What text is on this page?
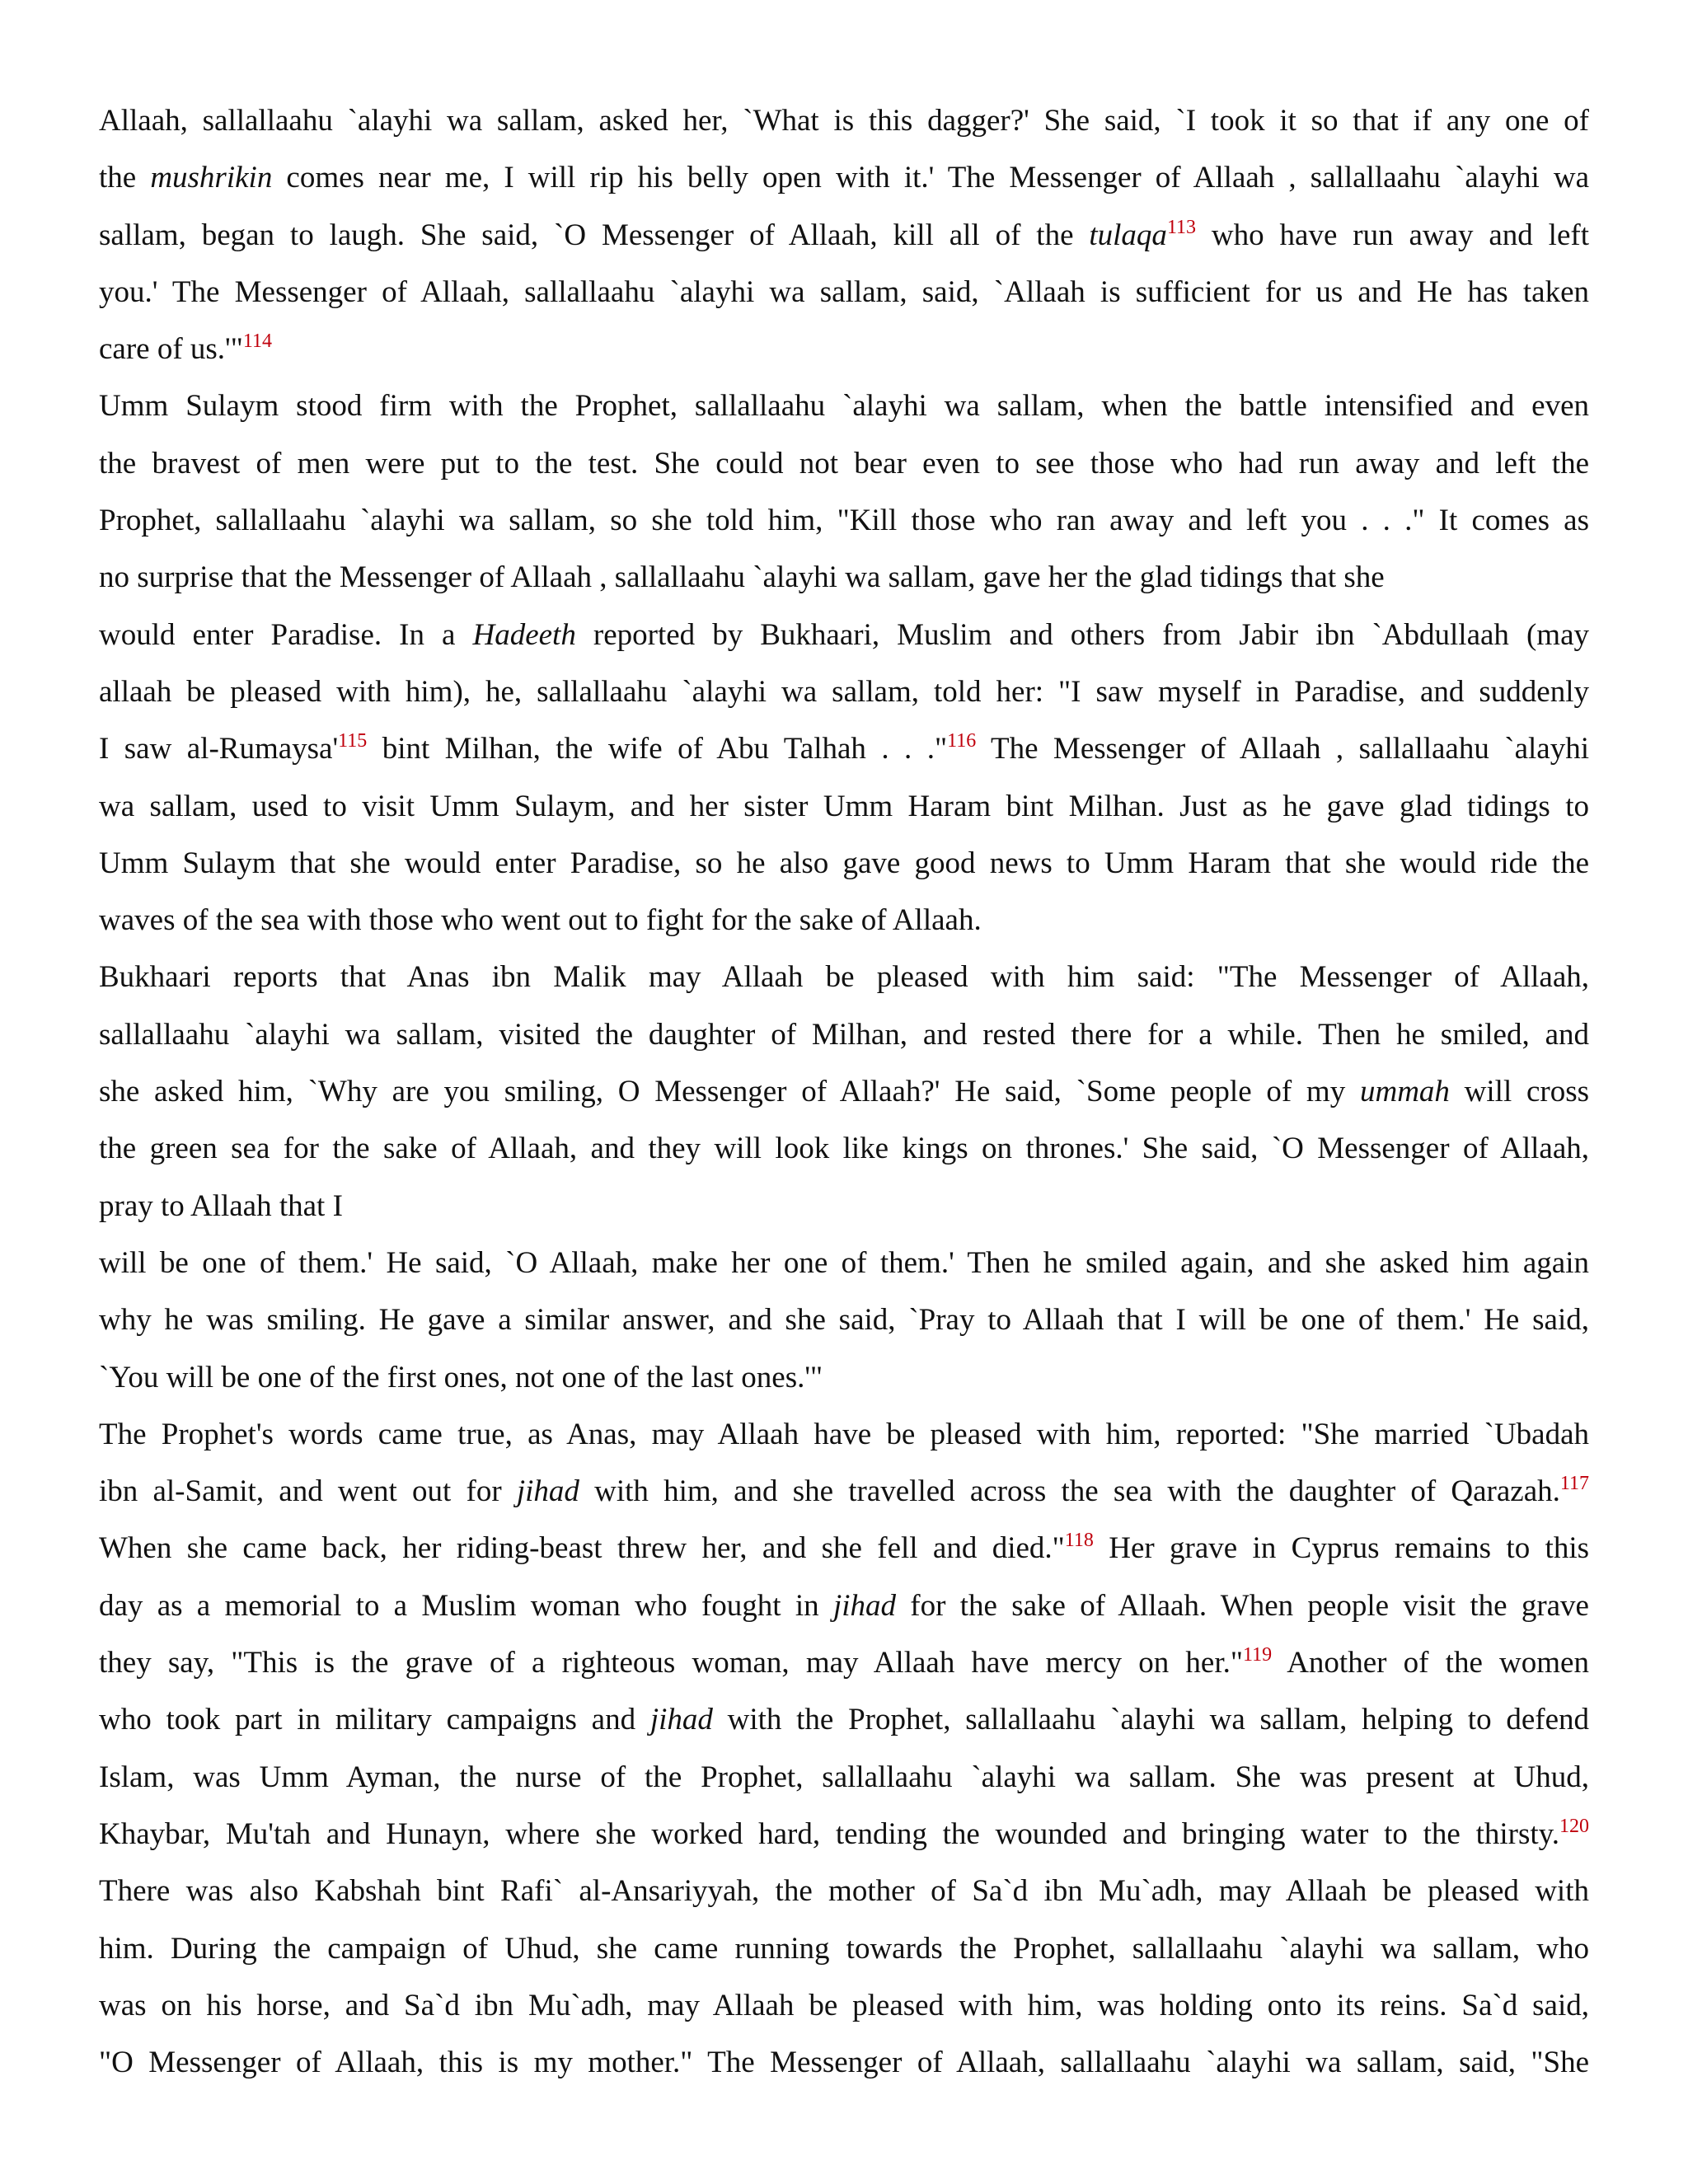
Allaah, sallallaahu `alayhi wa sallam, asked her, `What is this dagger?' She said, `I took it so that if any one of

the mushrikin comes near me, I will rip his belly open with it.' The Messenger of Allaah , sallallaahu `alayhi wa

sallam, began to laugh. She said, `O Messenger of Allaah, kill all of the tulaqa$^{113}$ who have run away and left

you.' The Messenger of Allaah, sallallaahu `alayhi wa sallam, said, `Allaah is sufficient for us and He has taken

care of us.'"$^{114}$

Umm Sulaym stood firm with the Prophet, sallallaahu `alayhi wa sallam, when the battle intensified and even

the bravest of men were put to the test. She could not bear even to see those who had run away and left the

Prophet, sallallaahu `alayhi wa sallam, so she told him, "Kill those who ran away and left you . . ." It comes as

no surprise that the Messenger of Allaah , sallallaahu `alayhi wa sallam, gave her the glad tidings that she

would enter Paradise. In a Hadeeth reported by Bukhaari, Muslim and others from Jabir ibn `Abdullaah (may

allaah be pleased with him), he, sallallaahu `alayhi wa sallam, told her: "I saw myself in Paradise, and suddenly

I saw al-Rumaysa'$^{115}$ bint Milhan, the wife of Abu Talhah . . ."$^{116}$ The Messenger of Allaah , sallallaahu `alayhi

wa sallam, used to visit Umm Sulaym, and her sister Umm Haram bint Milhan. Just as he gave glad tidings to

Umm Sulaym that she would enter Paradise, so he also gave good news to Umm Haram that she would ride the

waves of the sea with those who went out to fight for the sake of Allaah.

Bukhaari reports that Anas ibn Malik may Allaah be pleased with him said: "The Messenger of Allaah,

sallallaahu `alayhi wa sallam, visited the daughter of Milhan, and rested there for a while. Then he smiled, and

she asked him, `Why are you smiling, O Messenger of Allaah?' He said, `Some people of my ummah will cross

the green sea for the sake of Allaah, and they will look like kings on thrones.' She said, `O Messenger of Allaah,

pray to Allaah that I

will be one of them.' He said, `O Allaah, make her one of them.' Then he smiled again, and she asked him again

why he was smiling. He gave a similar answer, and she said, `Pray to Allaah that I will be one of them.' He said,

`You will be one of the first ones, not one of the last ones.'"

The Prophet's words came true, as Anas, may Allaah have be pleased with him, reported: "She married `Ubadah

ibn al-Samit, and went out for jihad with him, and she travelled across the sea with the daughter of Qarazah.$^{117}$

When she came back, her riding-beast threw her, and she fell and died."$^{118}$ Her grave in Cyprus remains to this

day as a memorial to a Muslim woman who fought in jihad for the sake of Allaah. When people visit the grave

they say, "This is the grave of a righteous woman, may Allaah have mercy on her."$^{119}$ Another of the women

who took part in military campaigns and jihad with the Prophet, sallallaahu `alayhi wa sallam, helping to defend

Islam, was Umm Ayman, the nurse of the Prophet, sallallaahu `alayhi wa sallam. She was present at Uhud,

Khaybar, Mu'tah and Hunayn, where she worked hard, tending the wounded and bringing water to the thirsty.$^{120}$

There was also Kabshah bint Rafi` al-Ansariyyah, the mother of Sa`d ibn Mu`adh, may Allaah be pleased with

him. During the campaign of Uhud, she came running towards the Prophet, sallallaahu `alayhi wa sallam, who

was on his horse, and Sa`d ibn Mu`adh, may Allaah be pleased with him, was holding onto its reins. Sa`d said,

"O Messenger of Allaah, this is my mother." The Messenger of Allaah, sallallaahu `alayhi wa sallam, said, "She
